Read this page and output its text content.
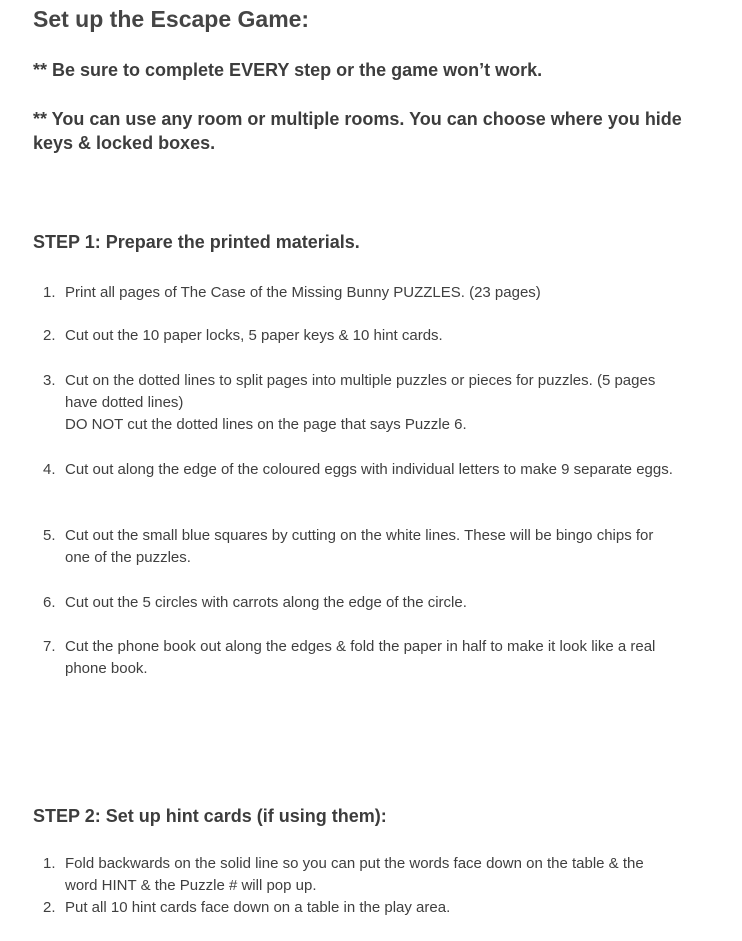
Set up the Escape Game:

** Be sure to complete EVERY step or the game won’t work.

** You can use any room or multiple rooms. You can choose where you hide keys & locked boxes.

STEP 1: Prepare the printed materials.
1. Print all pages of The Case of the Missing Bunny PUZZLES. (23 pages)
2. Cut out the 10 paper locks, 5 paper keys & 10 hint cards.
3. Cut on the dotted lines to split pages into multiple puzzles or pieces for puzzles. (5 pages have dotted lines)
DO NOT cut the dotted lines on the page that says Puzzle 6.
4. Cut out along the edge of the coloured eggs with individual letters to make 9 separate eggs.
5. Cut out the small blue squares by cutting on the white lines. These will be bingo chips for one of the puzzles.
6. Cut out the 5 circles with carrots along the edge of the circle.
7. Cut the phone book out along the edges & fold the paper in half to make it look like a real phone book.
STEP 2: Set up hint cards (if using them):
1. Fold backwards on the solid line so you can put the words face down on the table & the word HINT & the Puzzle # will pop up.
2. Put all 10 hint cards face down on a table in the play area.
